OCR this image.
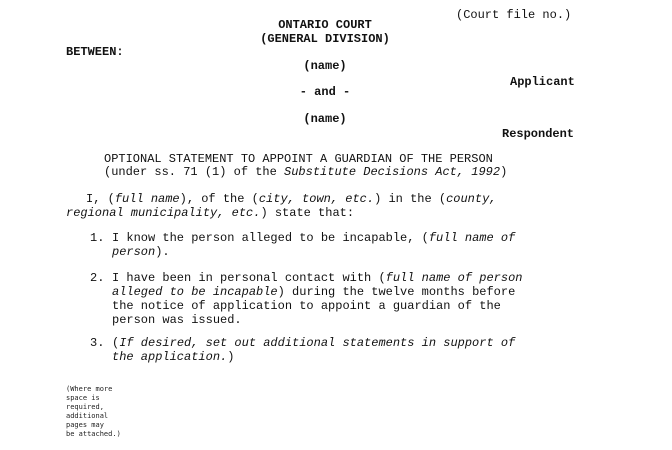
(Court file no.)
ONTARIO COURT
(GENERAL DIVISION)
BETWEEN:
(name)
Applicant
- and -
(name)
Respondent
OPTIONAL STATEMENT TO APPOINT A GUARDIAN OF THE PERSON
(under ss. 71 (1) of the Substitute Decisions Act, 1992)
I, (full name), of the (city, town, etc.) in the (county,
regional municipality, etc.) state that:
1. I know the person alleged to be incapable, (full name of
person).
2. I have been in personal contact with (full name of person
alleged to be incapable) during the twelve months before
the notice of application to appoint a guardian of the
person was issued.
3. (If desired, set out additional statements in support of
the application.)
(Where more
space is
required,
additional
pages may
be attached.)
